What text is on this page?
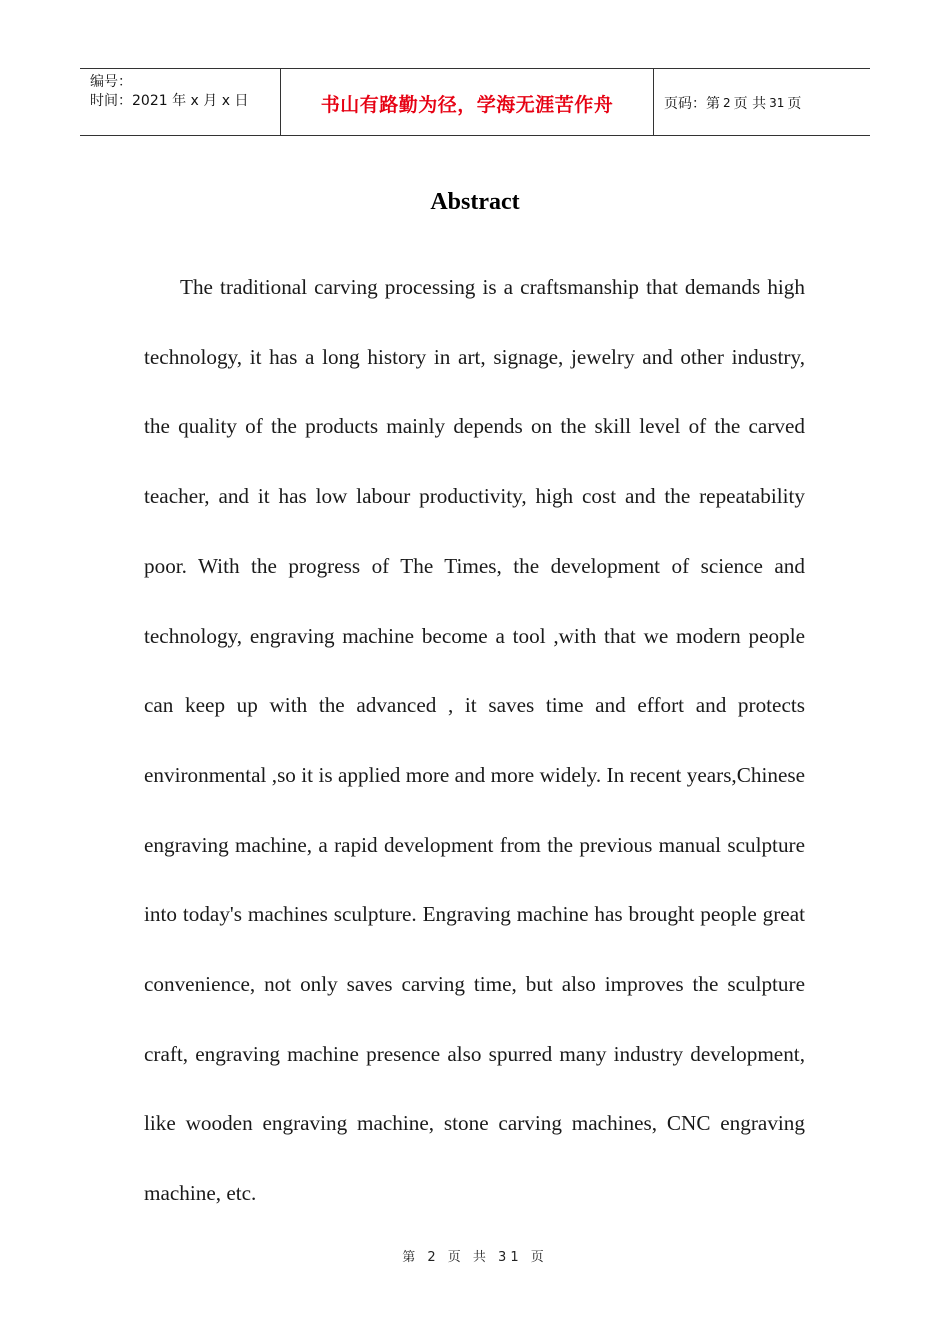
编号：
时间：2021 年 x 月 x 日	书山有路勤为径，学海无涯苦作舟	页码：第 2 页 共 31 页
Abstract

The traditional carving processing is a craftsmanship that demands high technology, it has a long history in art, signage, jewelry and other industry, the quality of the products mainly depends on the skill level of the carved teacher, and it has low labour productivity, high cost and the repeatability poor. With the progress of The Times, the development of science and technology, engraving machine become a tool ,with that we modern people can keep up with the advanced , it saves time and effort and protects environmental ,so it is applied more and more widely. In recent years,Chinese engraving machine, a rapid development from the previous manual sculpture into today's machines sculpture. Engraving machine has brought people great convenience, not only saves carving time, but also improves the sculpture craft, engraving machine presence also spurred many industry development, like wooden engraving machine, stone carving machines, CNC engraving machine, etc.

第 2 页 共 31 页
